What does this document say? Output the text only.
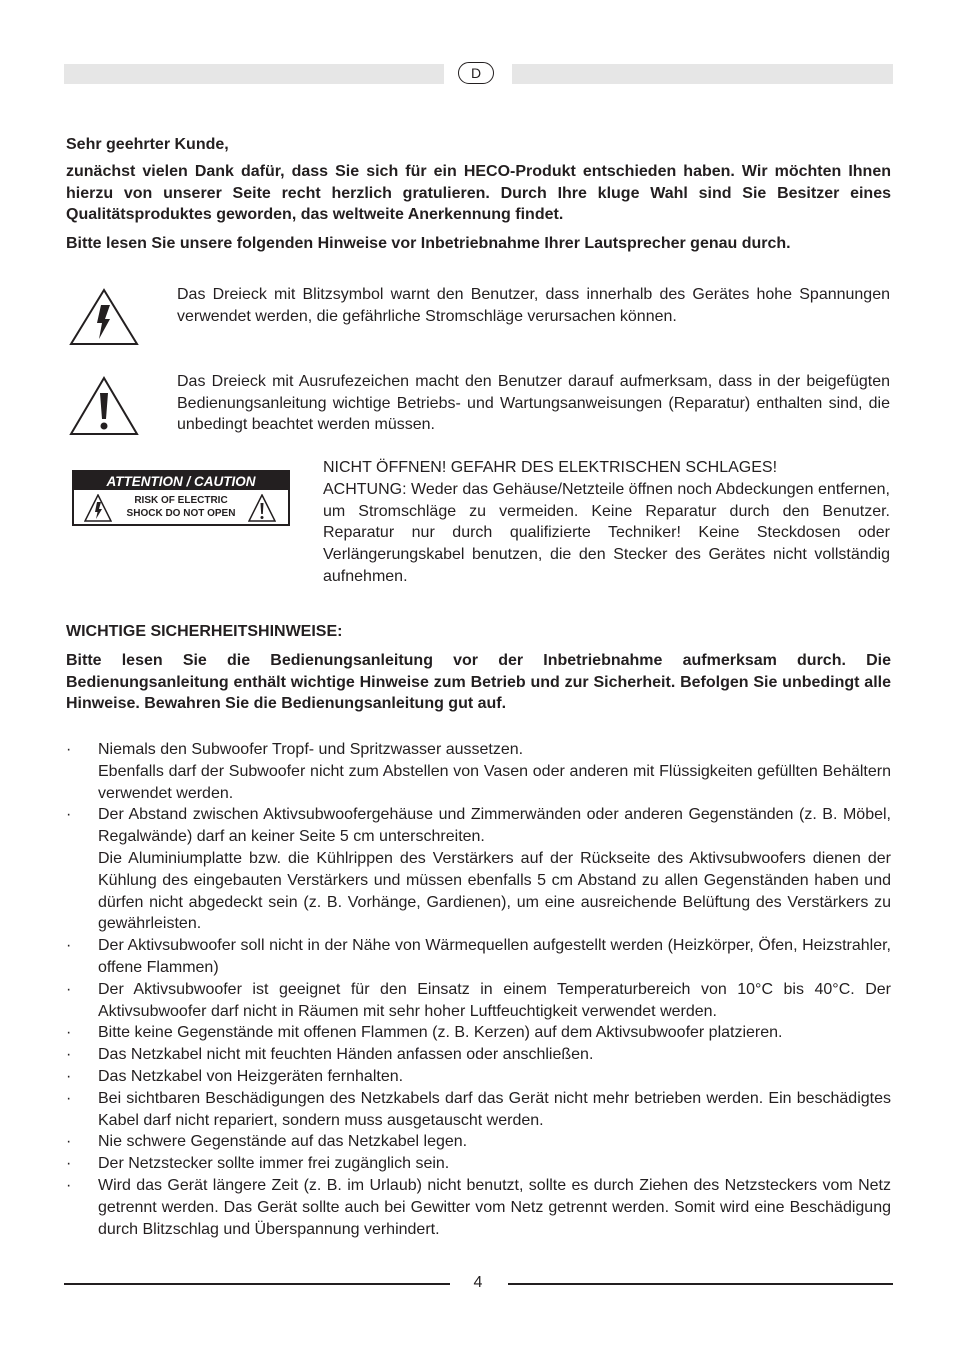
D

Sehr geehrter Kunde,

zunächst vielen Dank dafür, dass Sie sich für ein HECO-Produkt entschieden haben. Wir möchten Ihnen hierzu von unserer Seite recht herzlich gratulieren. Durch Ihre kluge Wahl sind Sie Besitzer eines Qualitätsproduktes geworden, das weltweite Anerkennung findet.

Bitte lesen Sie unsere folgenden Hinweise vor Inbetriebnahme Ihrer Lautsprecher genau durch.

Das Dreieck mit Blitzsymbol warnt den Benutzer, dass innerhalb des Gerätes hohe Spannungen verwendet werden, die gefährliche Stromschläge verursachen können.

Das Dreieck mit Ausrufezeichen macht den Benutzer darauf aufmerksam, dass in der beigefügten Bedienungsanleitung wichtige Betriebs- und Wartungsanweisungen (Reparatur) enthalten sind, die unbedingt beachtet werden müssen.

ATTENTION / CAUTION
RISK OF ELECTRIC
SHOCK DO NOT OPEN
NICHT ÖFFNEN! GEFAHR DES ELEKTRISCHEN SCHLAGES!
ACHTUNG: Weder das Gehäuse/Netzteile öffnen noch Abdeckungen entfernen, um Stromschläge zu vermeiden. Keine Reparatur durch den Benutzer. Reparatur nur durch qualifizierte Techniker! Keine Steckdosen oder Verlängerungskabel benutzen, die den Stecker des Gerätes nicht vollständig aufnehmen.

WICHTIGE SICHERHEITSHINWEISE:

Bitte lesen Sie die Bedienungsanleitung vor der Inbetriebnahme aufmerksam durch. Die Bedienungsanleitung enthält wichtige Hinweise zum Betrieb und zur Sicherheit. Befolgen Sie unbedingt alle Hinweise. Bewahren Sie die Bedienungsanleitung gut auf.

· Niemals den Subwoofer Tropf- und Spritzwasser aussetzen.
Ebenfalls darf der Subwoofer nicht zum Abstellen von Vasen oder anderen mit Flüssigkeiten gefüllten Behältern verwendet werden.
· Der Abstand zwischen Aktivsubwoofergehäuse und Zimmerwänden oder anderen Gegenständen (z. B. Möbel, Regalwände) darf an keiner Seite 5 cm unterschreiten.
Die Aluminiumplatte bzw. die Kühlrippen des Verstärkers auf der Rückseite des Aktivsubwoofers dienen der Kühlung des eingebauten Verstärkers und müssen ebenfalls 5 cm Abstand zu allen Gegenständen haben und dürfen nicht abgedeckt sein (z. B. Vorhänge, Gardienen), um eine ausreichende Belüftung des Verstärkers zu gewährleisten.
· Der Aktivsubwoofer soll nicht in der Nähe von Wärmequellen aufgestellt werden (Heizkörper, Öfen, Heizstrahler, offene Flammen)
· Der Aktivsubwoofer ist geeignet für den Einsatz in einem Temperaturbereich von 10°C bis 40°C. Der Aktivsubwoofer darf nicht in Räumen mit sehr hoher Luftfeuchtigkeit verwendet werden.
· Bitte keine Gegenstände mit offenen Flammen (z. B. Kerzen) auf dem Aktivsubwoofer platzieren.
· Das Netzkabel nicht mit feuchten Händen anfassen oder anschließen.
· Das Netzkabel von Heizgeräten fernhalten.
· Bei sichtbaren Beschädigungen des Netzkabels darf das Gerät nicht mehr betrieben werden. Ein beschädigtes Kabel darf nicht repariert, sondern muss ausgetauscht werden.
· Nie schwere Gegenstände auf das Netzkabel legen.
· Der Netzstecker sollte immer frei zugänglich sein.
· Wird das Gerät längere Zeit (z. B. im Urlaub) nicht benutzt, sollte es durch Ziehen des Netzsteckers vom Netz getrennt werden. Das Gerät sollte auch bei Gewitter vom Netz getrennt werden. Somit wird eine Beschädigung durch Blitzschlag und Überspannung verhindert.
4
